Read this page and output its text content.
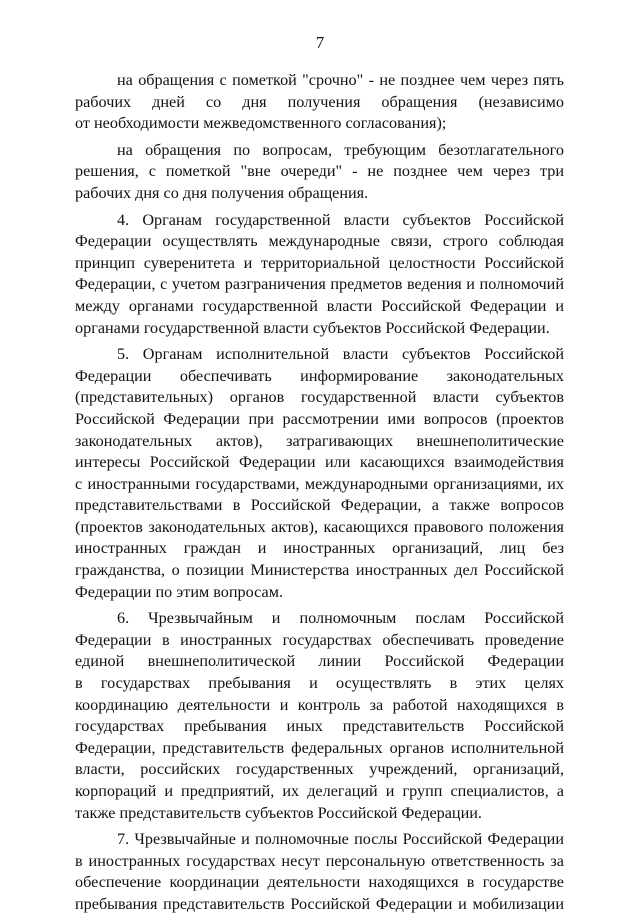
7

на обращения с пометкой "срочно" - не позднее чем через пять
рабочих дней со дня получения обращения (независимо
от необходимости межведомственного согласования);

на обращения по вопросам, требующим безотлагательного
решения, с пометкой "вне очереди" - не позднее чем через три
рабочих дня со дня получения обращения.

4. Органам государственной власти субъектов Российской
Федерации осуществлять международные связи, строго соблюдая
принцип суверенитета и территориальной целостности Российской
Федерации, с учетом разграничения предметов ведения и полномочий
между органами государственной власти Российской Федерации и
органами государственной власти субъектов Российской Федерации.

5. Органам исполнительной власти субъектов Российской
Федерации обеспечивать информирование законодательных
(представительных) органов государственной власти субъектов
Российской Федерации при рассмотрении ими вопросов (проектов
законодательных актов), затрагивающих внешнеполитические
интересы Российской Федерации или касающихся взаимодействия
с иностранными государствами, международными организациями, их
представительствами в Российской Федерации, а также вопросов
(проектов законодательных актов), касающихся правового положения
иностранных граждан и иностранных организаций, лиц без
гражданства, о позиции Министерства иностранных дел Российской
Федерации по этим вопросам.

6. Чрезвычайным и полномочным послам Российской
Федерации в иностранных государствах обеспечивать проведение
единой внешнеполитической линии Российской Федерации
в государствах пребывания и осуществлять в этих целях
координацию деятельности и контроль за работой находящихся в
государствах пребывания иных представительств Российской
Федерации, представительств федеральных органов исполнительной
власти, российских государственных учреждений, организаций,
корпораций и предприятий, их делегаций и групп специалистов, а
также представительств субъектов Российской Федерации.

7. Чрезвычайные и полномочные послы Российской Федерации
в иностранных государствах несут персональную ответственность за
обеспечение координации деятельности находящихся в государстве
пребывания представительств Российской Федерации и мобилизации
